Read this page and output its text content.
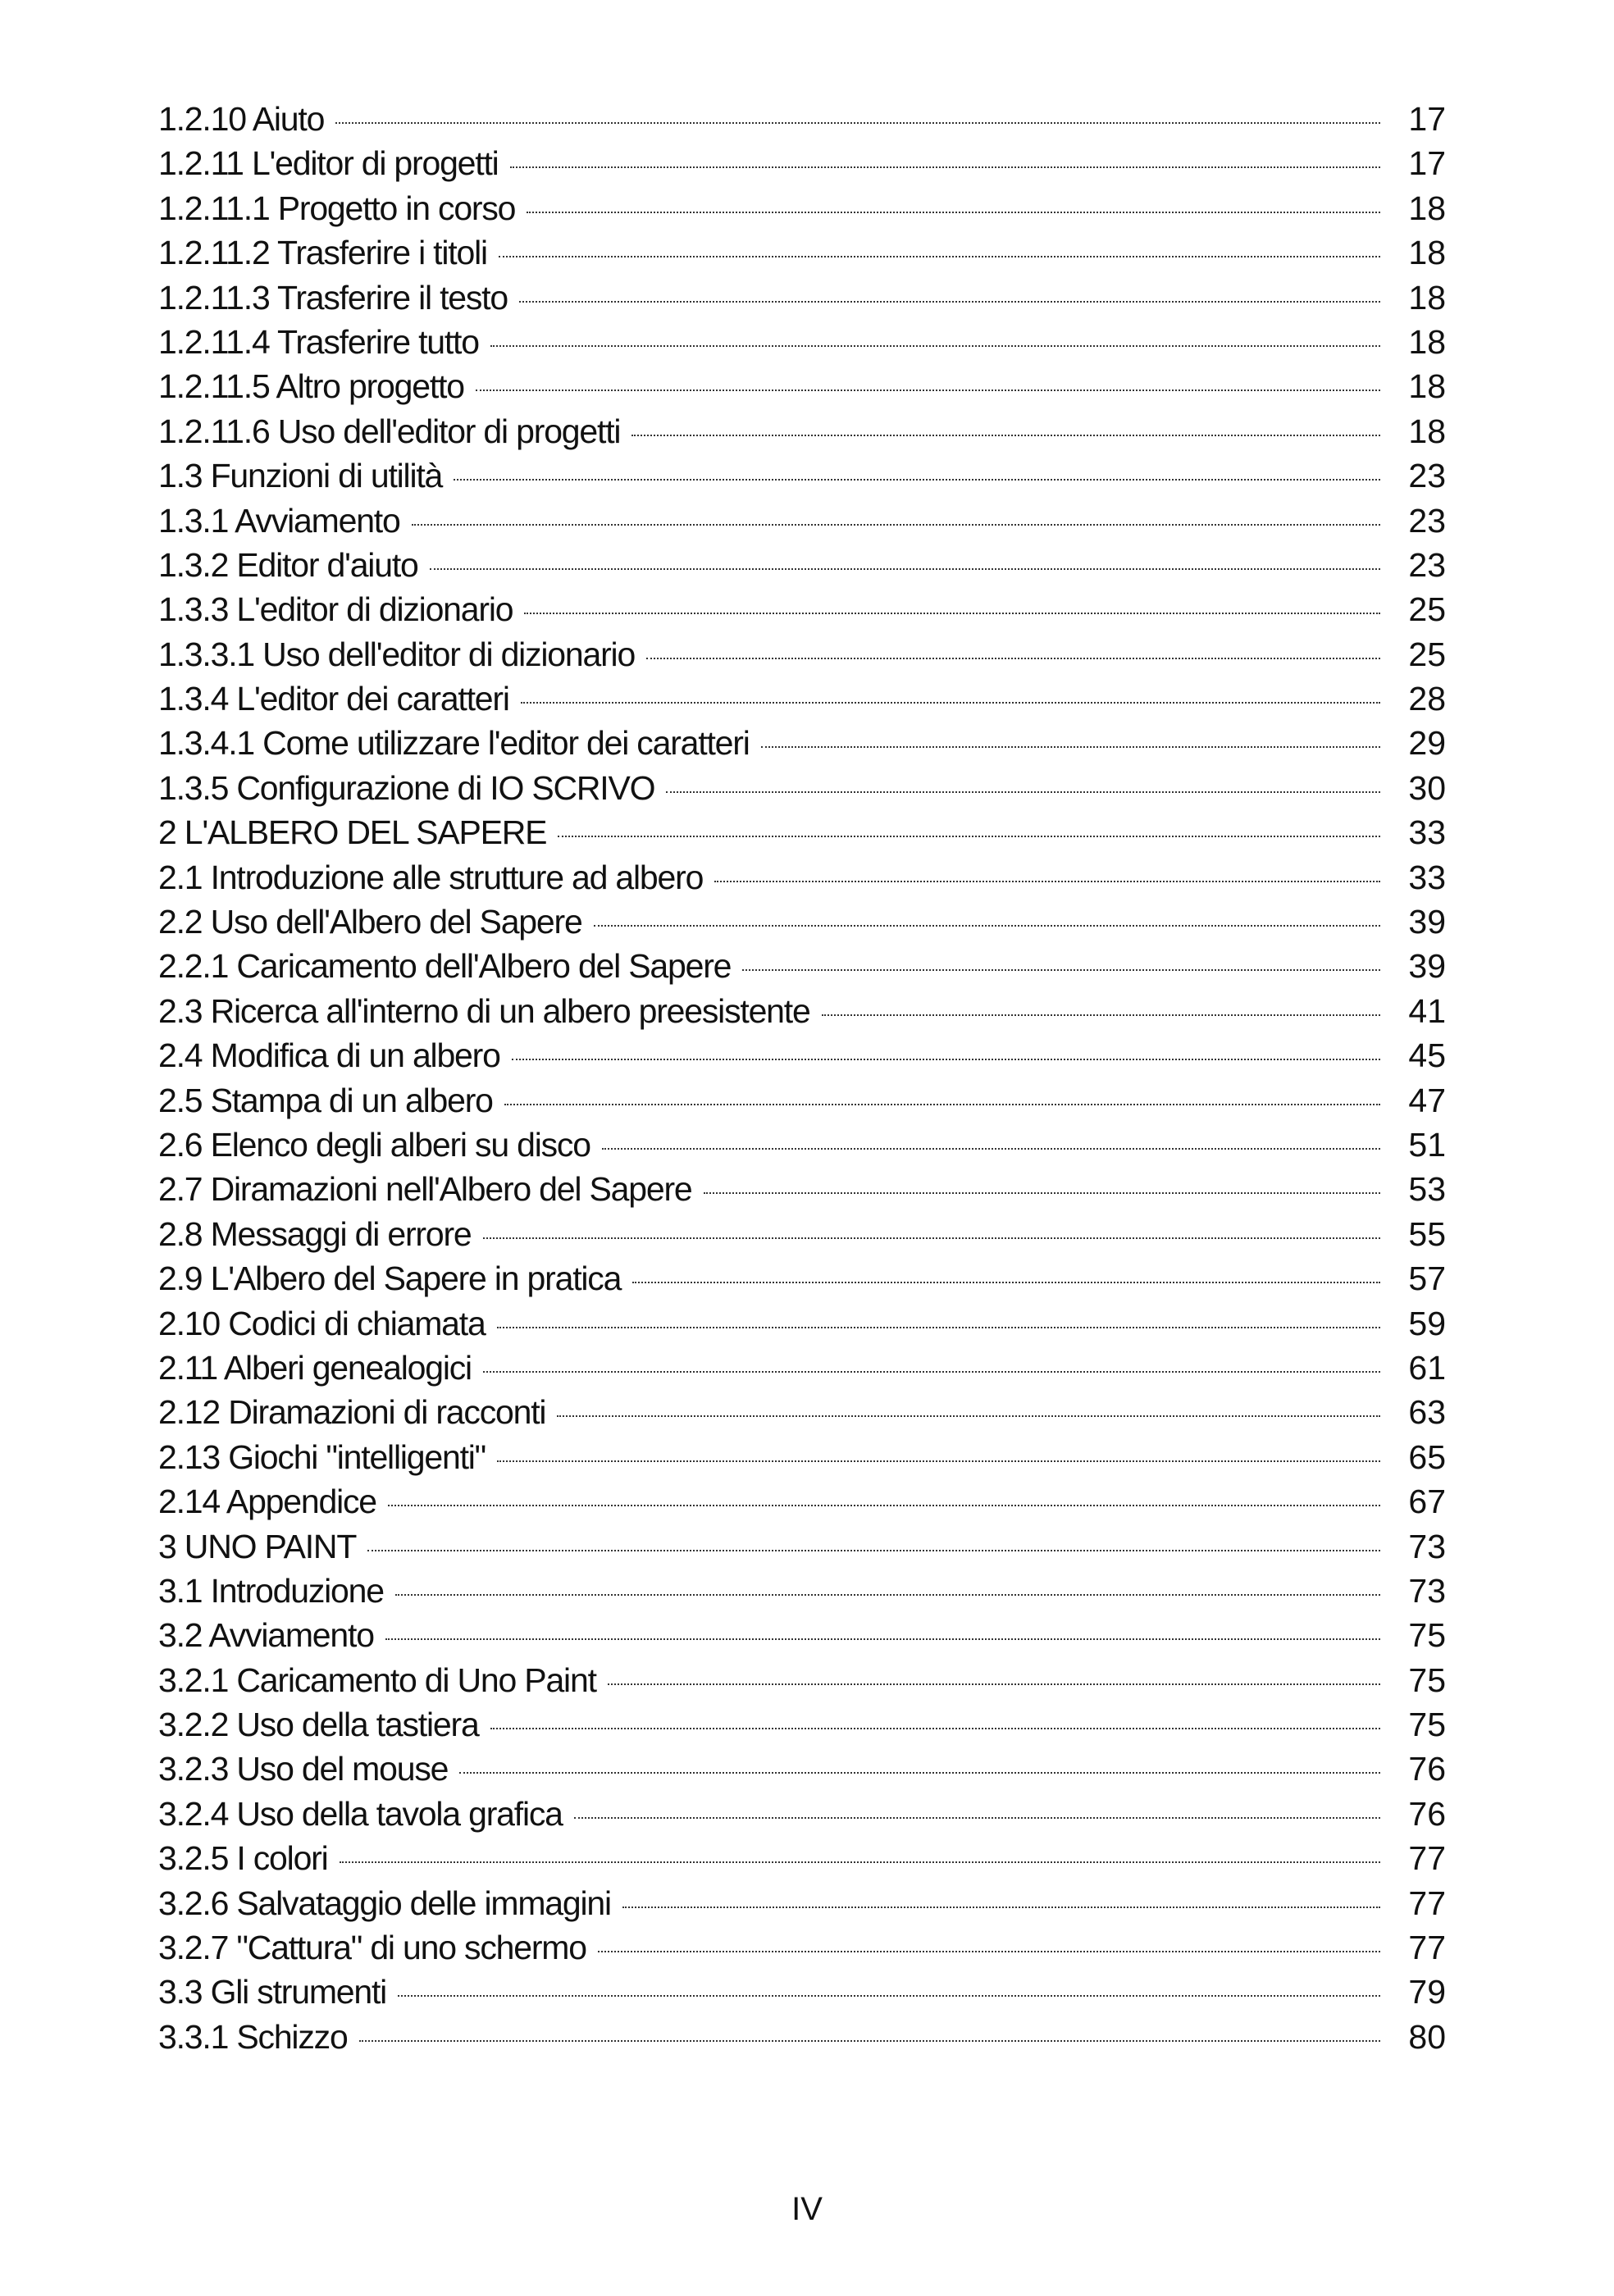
1.2.10 Aiuto	17
1.2.11 L'editor di progetti	17
1.2.11.1 Progetto in corso	18
1.2.11.2 Trasferire i titoli	18
1.2.11.3 Trasferire il testo	18
1.2.11.4 Trasferire tutto	18
1.2.11.5 Altro progetto	18
1.2.11.6 Uso dell'editor di progetti	18
1.3 Funzioni di utilità	23
1.3.1 Avviamento	23
1.3.2 Editor d'aiuto	23
1.3.3 L'editor di dizionario	25
1.3.3.1 Uso dell'editor di dizionario	25
1.3.4 L'editor dei caratteri	28
1.3.4.1 Come utilizzare l'editor dei caratteri	29
1.3.5 Configurazione di IO SCRIVO	30
2 L'ALBERO DEL SAPERE	33
2.1 Introduzione alle strutture ad albero	33
2.2 Uso dell'Albero del Sapere	39
2.2.1 Caricamento dell'Albero del Sapere	39
2.3 Ricerca all'interno di un albero preesistente	41
2.4 Modifica di un albero	45
2.5 Stampa di un albero	47
2.6 Elenco degli alberi su disco	51
2.7 Diramazioni nell'Albero del Sapere	53
2.8 Messaggi di errore	55
2.9 L'Albero del Sapere in pratica	57
2.10 Codici di chiamata	59
2.11 Alberi genealogici	61
2.12 Diramazioni di racconti	63
2.13 Giochi "intelligenti"	65
2.14 Appendice	67
3 UNO PAINT	73
3.1 Introduzione	73
3.2 Avviamento	75
3.2.1 Caricamento di Uno Paint	75
3.2.2 Uso della tastiera	75
3.2.3 Uso del mouse	76
3.2.4 Uso della tavola grafica	76
3.2.5 I colori	77
3.2.6 Salvataggio delle immagini	77
3.2.7 "Cattura" di uno schermo	77
3.3 Gli strumenti	79
3.3.1 Schizzo	80
IV
